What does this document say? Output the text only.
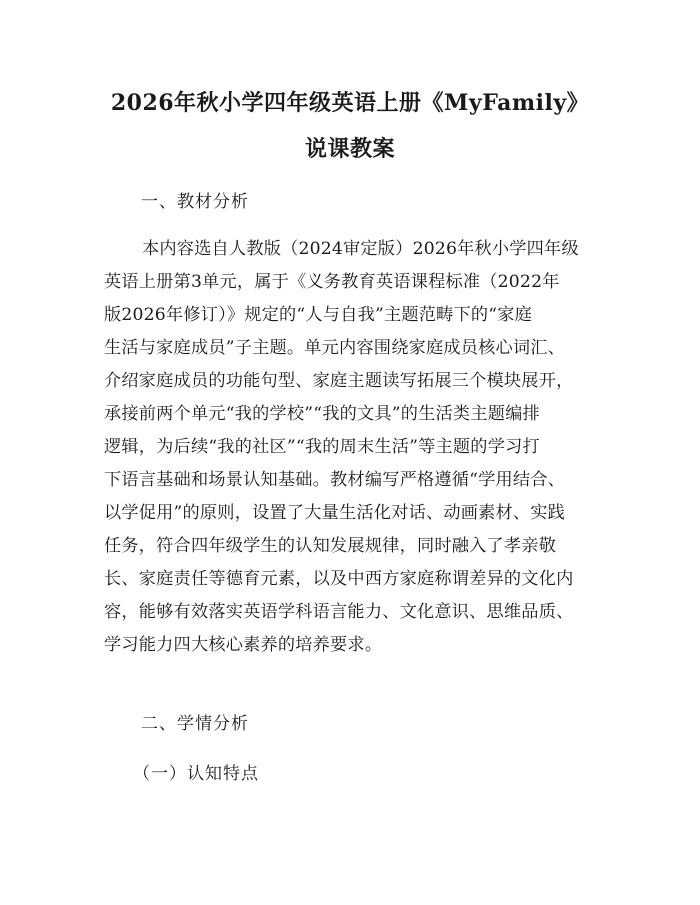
2026年秋小学四年级英语上册《MyFamily》
说课教案
一、教材分析
本内容选自人教版（2024审定版）2026年秋小学四年级
英语上册第3单元，属于《义务教育英语课程标准（2022年
版2026年修订）》规定的“人与自我”主题范畴下的“家庭
生活与家庭成员”子主题。单元内容围绕家庭成员核心词汇、
介绍家庭成员的功能句型、家庭主题读写拓展三个模块展开，
承接前两个单元“我的学校”“我的文具”的生活类主题编排
逻辑，为后续“我的社区”“我的周末生活”等主题的学习打
下语言基础和场景认知基础。教材编写严格遵循“学用结合、
以学促用”的原则，设置了大量生活化对话、动画素材、实践
任务，符合四年级学生的认知发展规律，同时融入了孝亲敬
长、家庭责任等德育元素，以及中西方家庭称谓差异的文化内
容，能够有效落实英语学科语言能力、文化意识、思维品质、
学习能力四大核心素养的培养要求。
二、学情分析
（一）认知特点
